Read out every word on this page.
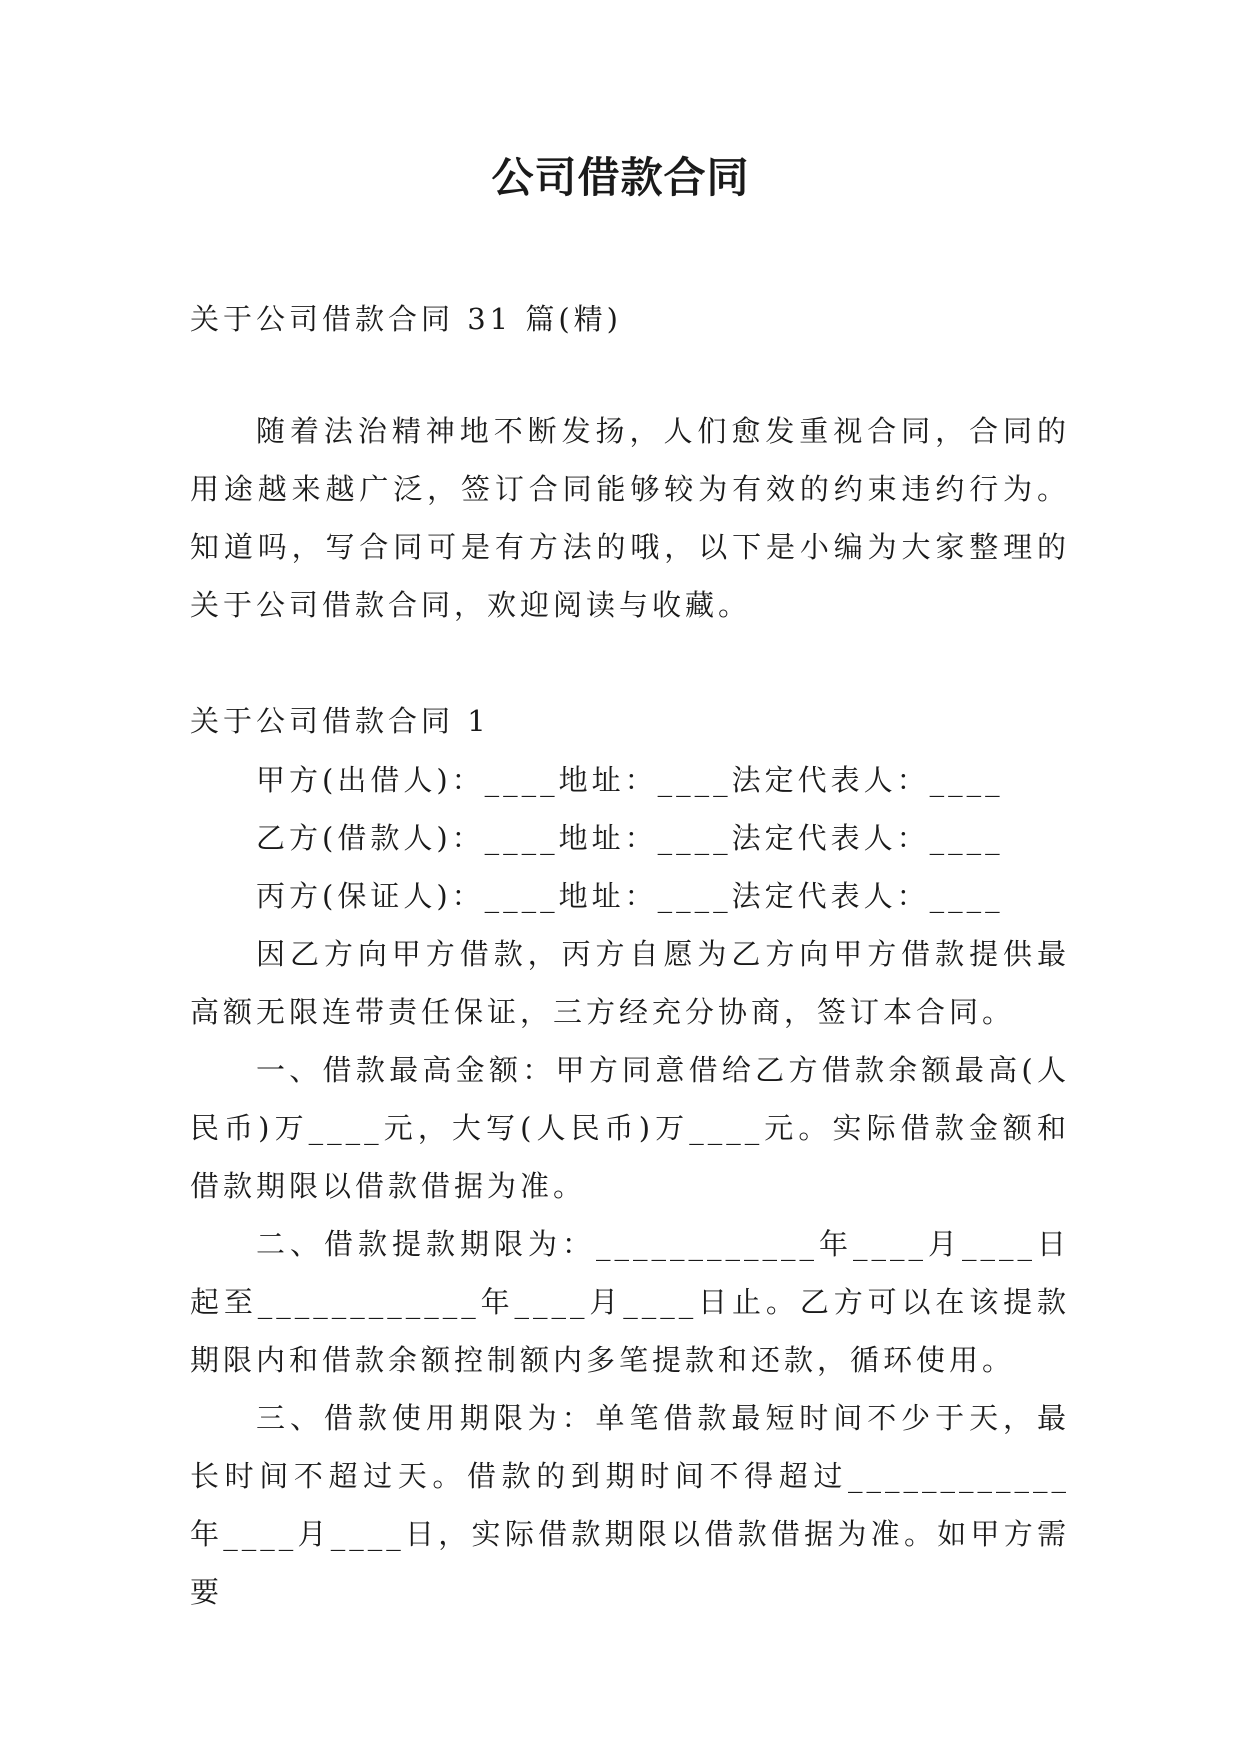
公司借款合同

关于公司借款合同 31 篇(精)

随着法治精神地不断发扬，人们愈发重视合同，合同的用途越来越广泛，签订合同能够较为有效的约束违约行为。知道吗，写合同可是有方法的哦，以下是小编为大家整理的关于公司借款合同，欢迎阅读与收藏。

关于公司借款合同 1

甲方(出借人)：____地址：____法定代表人：____

乙方(借款人)：____地址：____法定代表人：____

丙方(保证人)：____地址：____法定代表人：____

因乙方向甲方借款，丙方自愿为乙方向甲方借款提供最高额无限连带责任保证，三方经充分协商，签订本合同。

一、借款最高金额：甲方同意借给乙方借款余额最高(人民币)万____元，大写(人民币)万____元。实际借款金额和借款期限以借款借据为准。

二、借款提款期限为：____________年____月____日起至____________年____月____日止。乙方可以在该提款期限内和借款余额控制额内多笔提款和还款，循环使用。

三、借款使用期限为：单笔借款最短时间不少于天，最长时间不超过天。借款的到期时间不得超过____________年____月____日，实际借款期限以借款借据为准。如甲方需要
